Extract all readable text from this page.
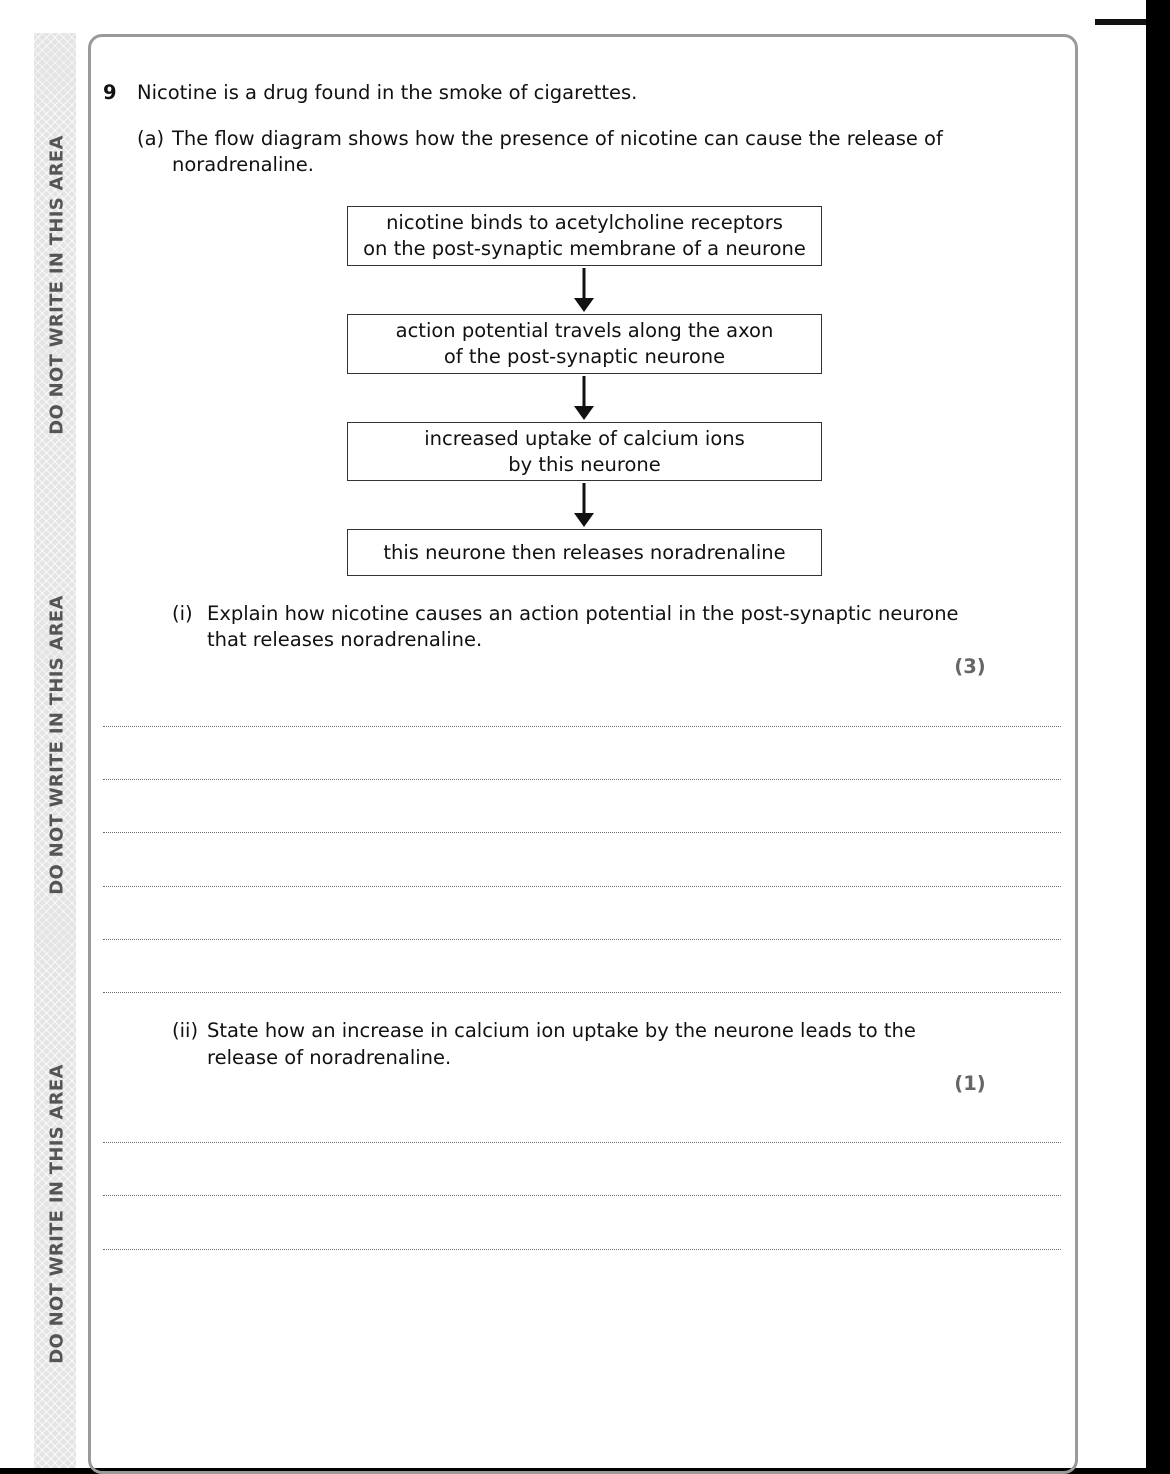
DO NOT WRITE IN THIS AREA
DO NOT WRITE IN THIS AREA
DO NOT WRITE IN THIS AREA
9 Nicotine is a drug found in the smoke of cigarettes.
(a) The flow diagram shows how the presence of nicotine can cause the release of
noradrenaline.
nicotine binds to acetylcholine receptors
on the post-synaptic membrane of a neurone
action potential travels along the axon
of the post-synaptic neurone
increased uptake of calcium ions
by this neurone
this neurone then releases noradrenaline
(i) Explain how nicotine causes an action potential in the post-synaptic neurone
that releases noradrenaline.
(3)
(ii) State how an increase in calcium ion uptake by the neurone leads to the
release of noradrenaline.
(1)
